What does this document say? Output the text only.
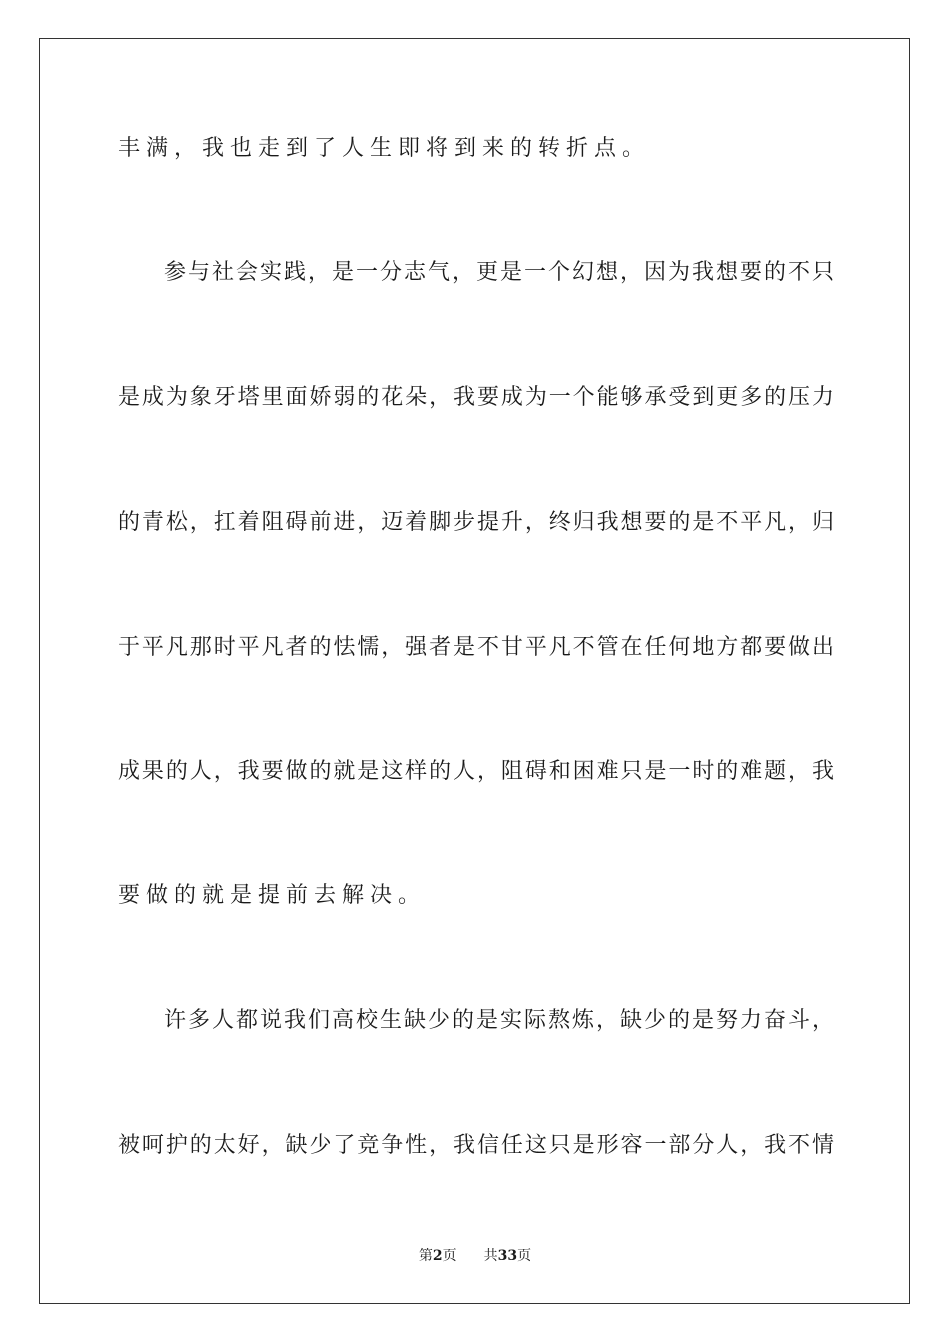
丰满，我也走到了人生即将到来的转折点。

参与社会实践，是一分志气，更是一个幻想，因为我想要的不只

是成为象牙塔里面娇弱的花朵，我要成为一个能够承受到更多的压力

的青松，扛着阻碍前进，迈着脚步提升，终归我想要的是不平凡，归

于平凡那时平凡者的怯懦，强者是不甘平凡不管在任何地方都要做出

成果的人，我要做的就是这样的人，阻碍和困难只是一时的难题，我

要做的就是提前去解决。

许多人都说我们高校生缺少的是实际熬炼，缺少的是努力奋斗，

被呵护的太好，缺少了竞争性，我信任这只是形容一部分人，我不情

第2页 共33页
